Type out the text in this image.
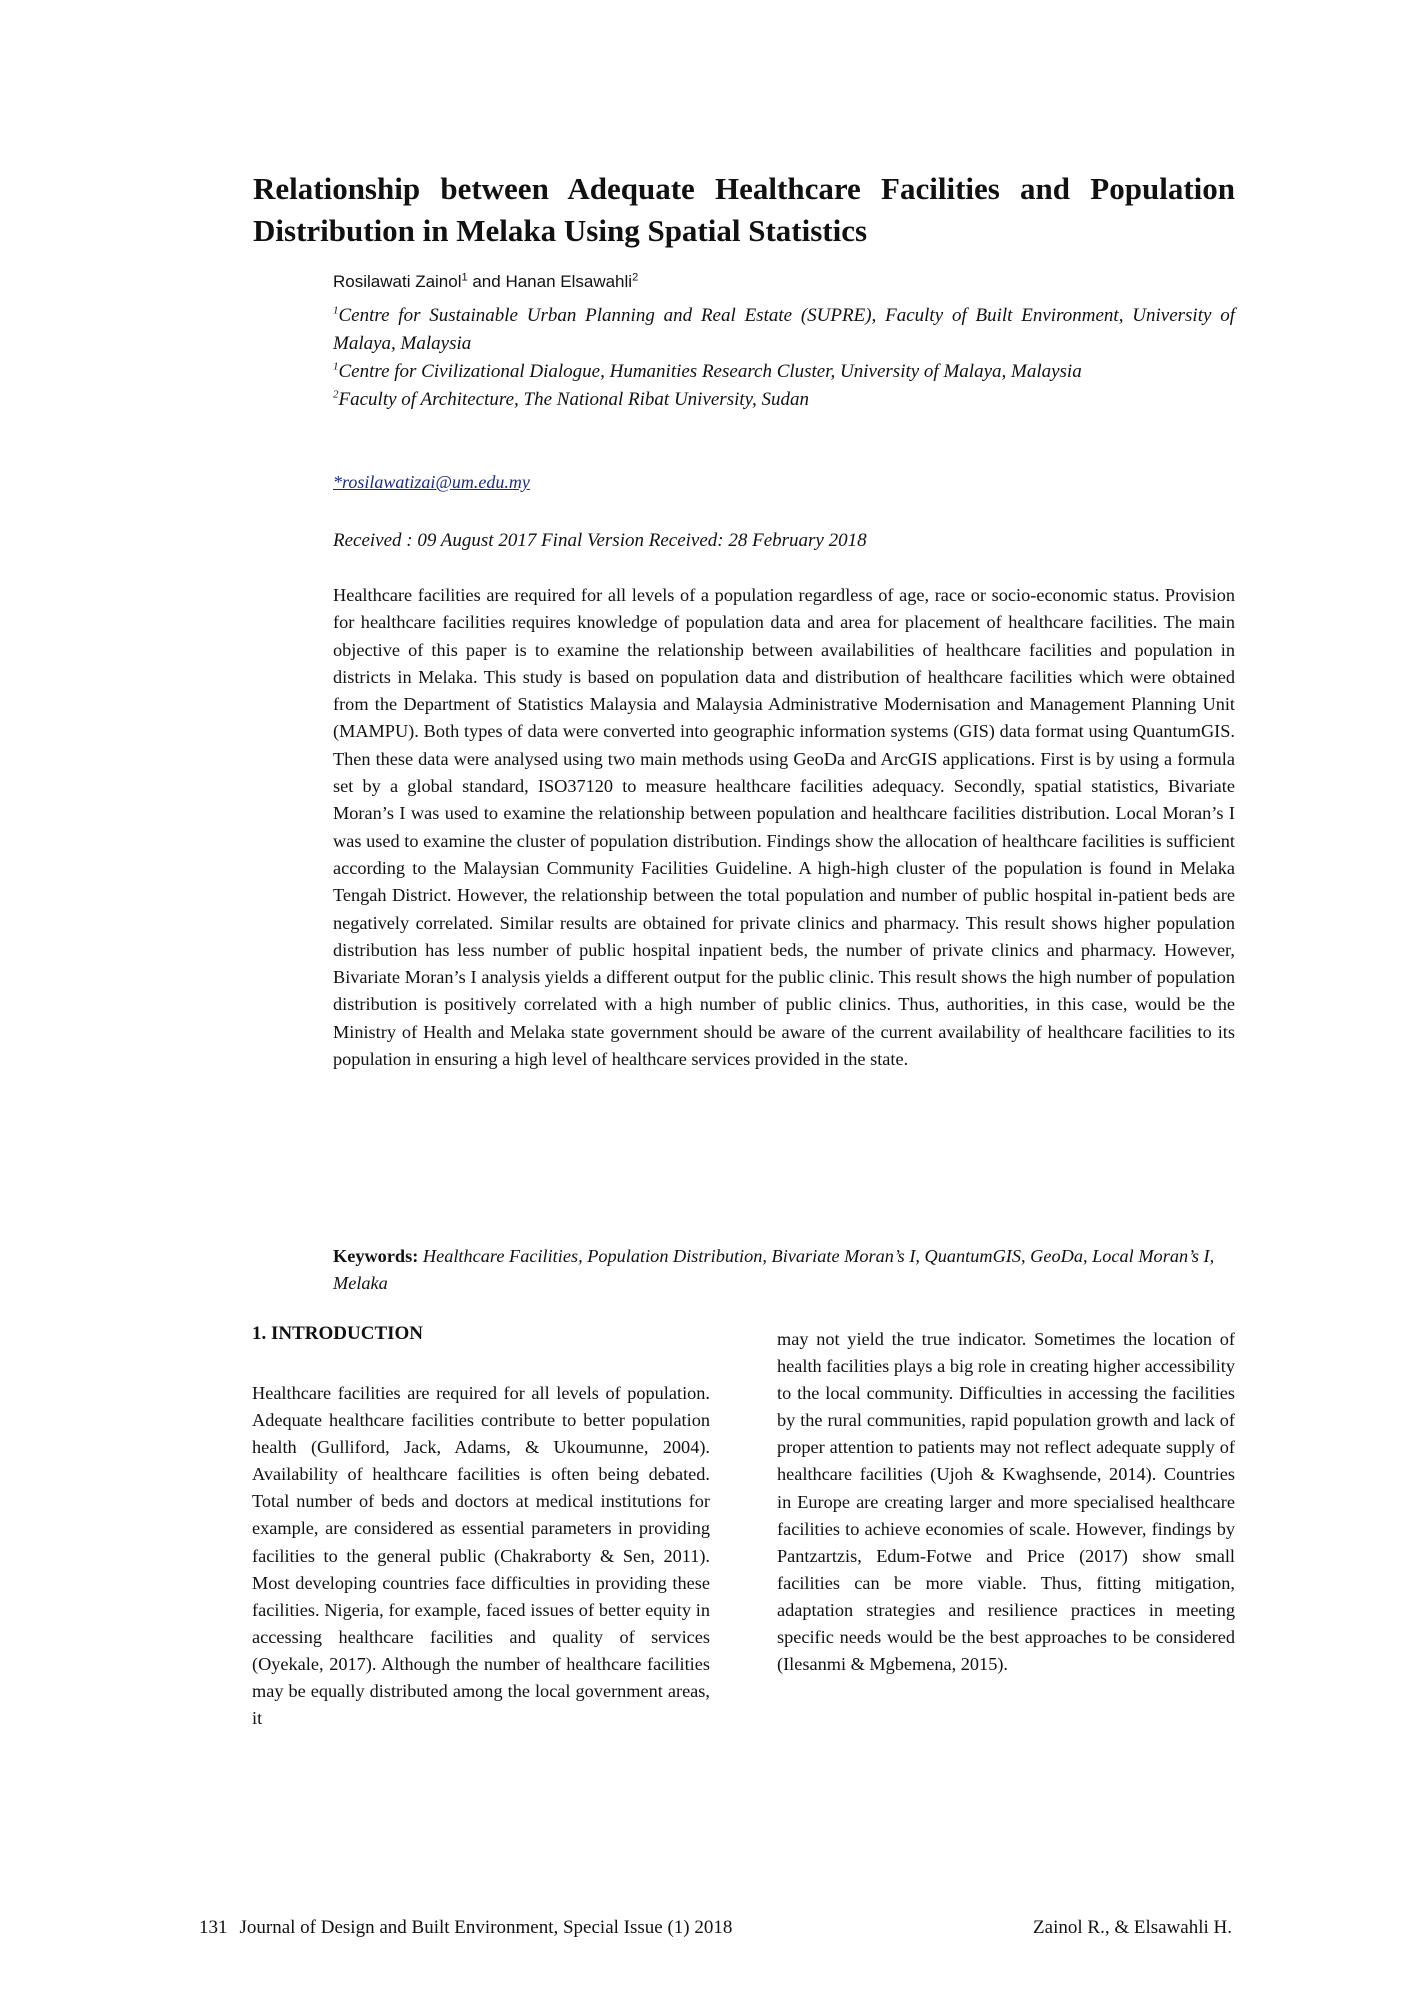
Relationship between Adequate Healthcare Facilities and Population Distribution in Melaka Using Spatial Statistics

Rosilawati Zainol$^1$ and Hanan Elsawahli$^2$

$^1$Centre for Sustainable Urban Planning and Real Estate (SUPRE), Faculty of Built Environment, University of Malaya, Malaysia

$^1$Centre for Civilizational Dialogue, Humanities Research Cluster, University of Malaya, Malaysia

$^2$Faculty of Architecture, The National Ribat University, Sudan

*rosilawatizai@um.edu.my

Received : 09 August 2017 Final Version Received: 28 February 2018

Healthcare facilities are required for all levels of a population regardless of age, race or socio-economic status. Provision for healthcare facilities requires knowledge of population data and area for placement of healthcare facilities. The main objective of this paper is to examine the relationship between availabilities of healthcare facilities and population in districts in Melaka. This study is based on population data and distribution of healthcare facilities which were obtained from the Department of Statistics Malaysia and Malaysia Administrative Modernisation and Management Planning Unit (MAMPU). Both types of data were converted into geographic information systems (GIS) data format using QuantumGIS. Then these data were analysed using two main methods using GeoDa and ArcGIS applications. First is by using a formula set by a global standard, ISO37120 to measure healthcare facilities adequacy. Secondly, spatial statistics, Bivariate Moran’s I was used to examine the relationship between population and healthcare facilities distribution. Local Moran’s I was used to examine the cluster of population distribution. Findings show the allocation of healthcare facilities is sufficient according to the Malaysian Community Facilities Guideline. A high-high cluster of the population is found in Melaka Tengah District. However, the relationship between the total population and number of public hospital in-patient beds are negatively correlated. Similar results are obtained for private clinics and pharmacy. This result shows higher population distribution has less number of public hospital inpatient beds, the number of private clinics and pharmacy. However, Bivariate Moran’s I analysis yields a different output for the public clinic. This result shows the high number of population distribution is positively correlated with a high number of public clinics. Thus, authorities, in this case, would be the Ministry of Health and Melaka state government should be aware of the current availability of healthcare facilities to its population in ensuring a high level of healthcare services provided in the state.

Keywords: Healthcare Facilities, Population Distribution, Bivariate Moran’s I, QuantumGIS, GeoDa, Local Moran’s I, Melaka

1. INTRODUCTION

Healthcare facilities are required for all levels of population. Adequate healthcare facilities contribute to better population health (Gulliford, Jack, Adams, & Ukoumunne, 2004). Availability of healthcare facilities is often being debated. Total number of beds and doctors at medical institutions for example, are considered as essential parameters in providing facilities to the general public (Chakraborty & Sen, 2011). Most developing countries face difficulties in providing these facilities. Nigeria, for example, faced issues of better equity in accessing healthcare facilities and quality of services (Oyekale, 2017). Although the number of healthcare facilities may be equally distributed among the local government areas, it

may not yield the true indicator. Sometimes the location of health facilities plays a big role in creating higher accessibility to the local community. Difficulties in accessing the facilities by the rural communities, rapid population growth and lack of proper attention to patients may not reflect adequate supply of healthcare facilities (Ujoh & Kwaghsende, 2014). Countries in Europe are creating larger and more specialised healthcare facilities to achieve economies of scale. However, findings by Pantzartzis, Edum-Fotwe and Price (2017) show small facilities can be more viable. Thus, fitting mitigation, adaptation strategies and resilience practices in meeting specific needs would be the best approaches to be considered (Ilesanmi & Mgbemena, 2015).

131 Journal of Design and Built Environment, Special Issue (1) 2018	Zainol R., & Elsawahli H.
